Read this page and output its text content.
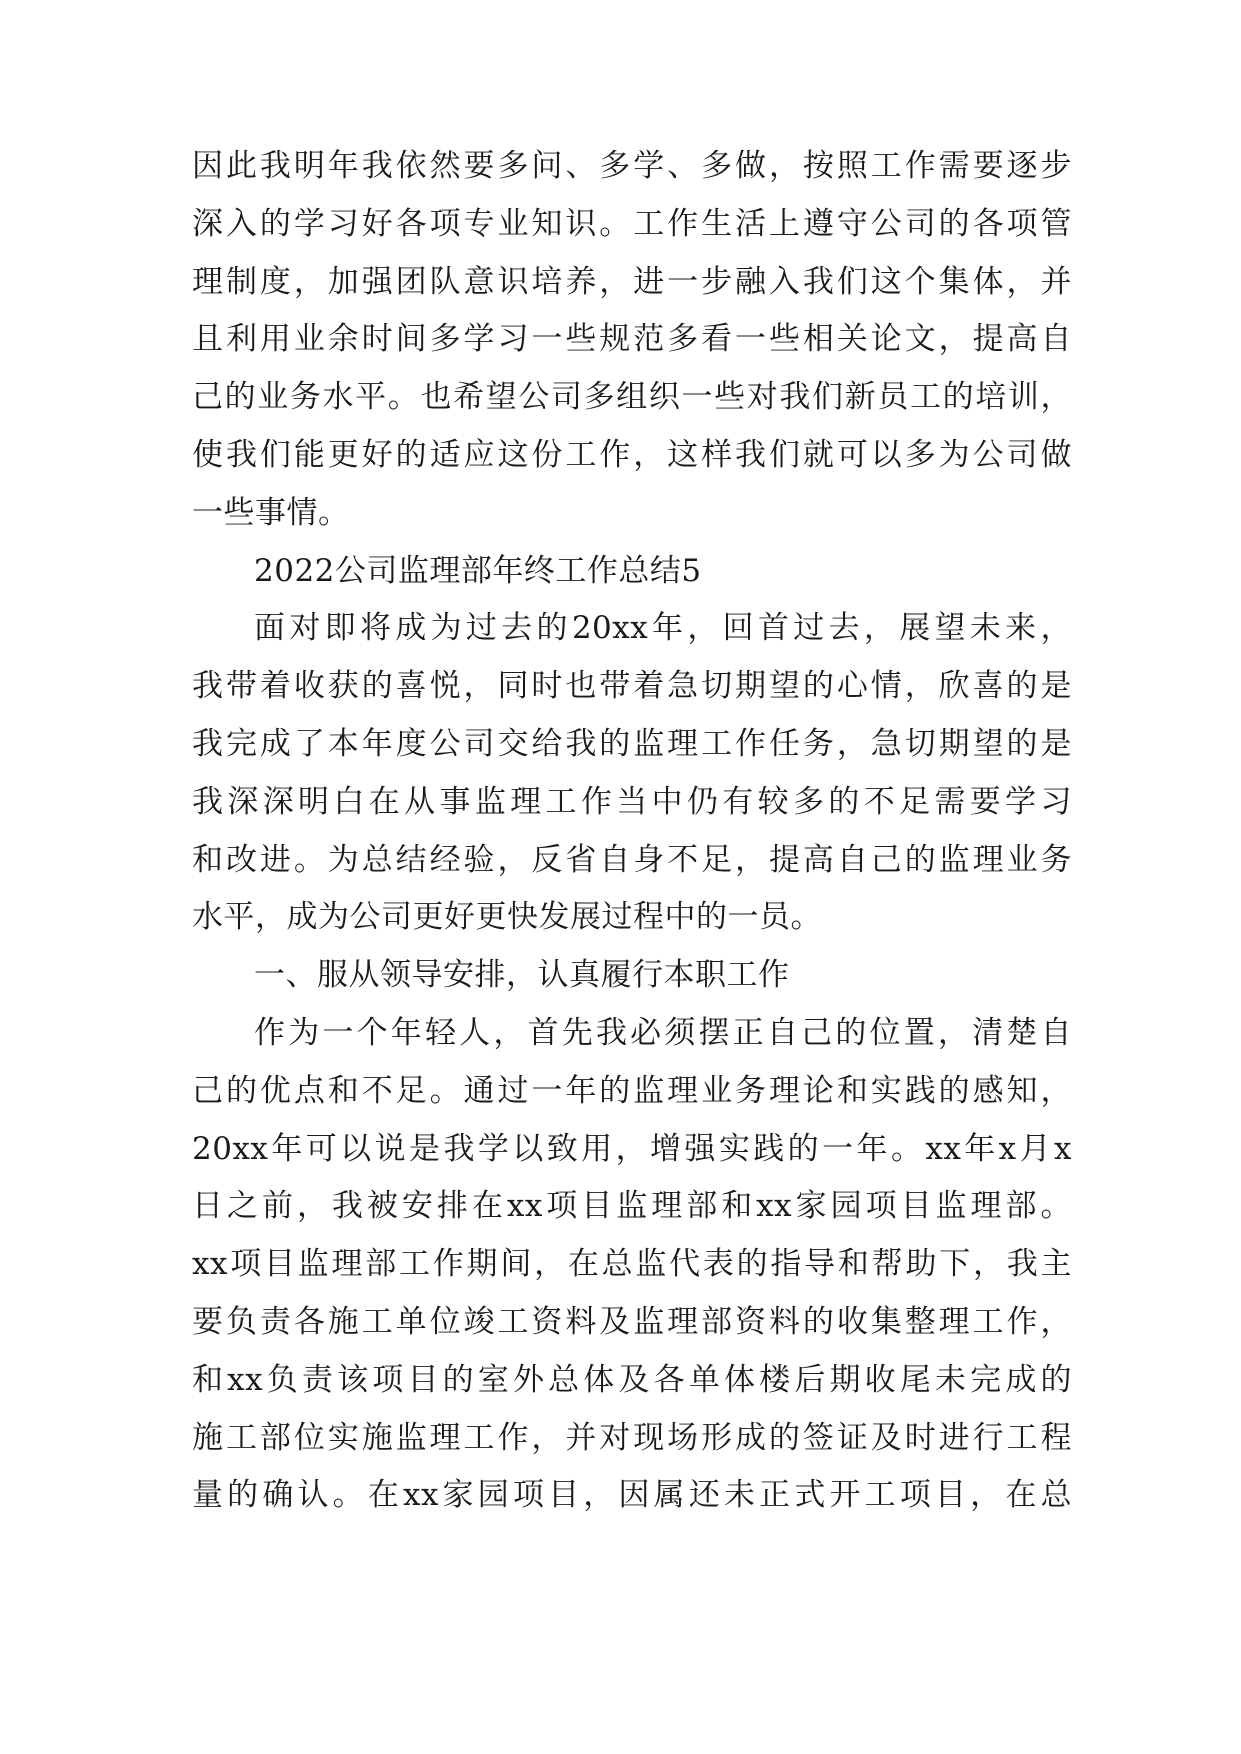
因此我明年我依然要多问、多学、多做，按照工作需要逐步
深入的学习好各项专业知识。工作生活上遵守公司的各项管
理制度，加强团队意识培养，进一步融入我们这个集体，并
且利用业余时间多学习一些规范多看一些相关论文，提高自
己的业务水平。也希望公司多组织一些对我们新员工的培训，
使我们能更好的适应这份工作，这样我们就可以多为公司做
一些事情。

2022公司监理部年终工作总结5

面对即将成为过去的20xx年，回首过去，展望未来，
我带着收获的喜悦，同时也带着急切期望的心情，欣喜的是
我完成了本年度公司交给我的监理工作任务，急切期望的是
我深深明白在从事监理工作当中仍有较多的不足需要学习
和改进。为总结经验，反省自身不足，提高自己的监理业务
水平，成为公司更好更快发展过程中的一员。

一、服从领导安排，认真履行本职工作

作为一个年轻人，首先我必须摆正自己的位置，清楚自
己的优点和不足。通过一年的监理业务理论和实践的感知，
20xx年可以说是我学以致用，增强实践的一年。xx年x月x
日之前，我被安排在xx项目监理部和xx家园项目监理部。
xx项目监理部工作期间，在总监代表的指导和帮助下，我主
要负责各施工单位竣工资料及监理部资料的收集整理工作，
和xx负责该项目的室外总体及各单体楼后期收尾未完成的
施工部位实施监理工作，并对现场形成的签证及时进行工程
量的确认。在xx家园项目，因属还未正式开工项目，在总
